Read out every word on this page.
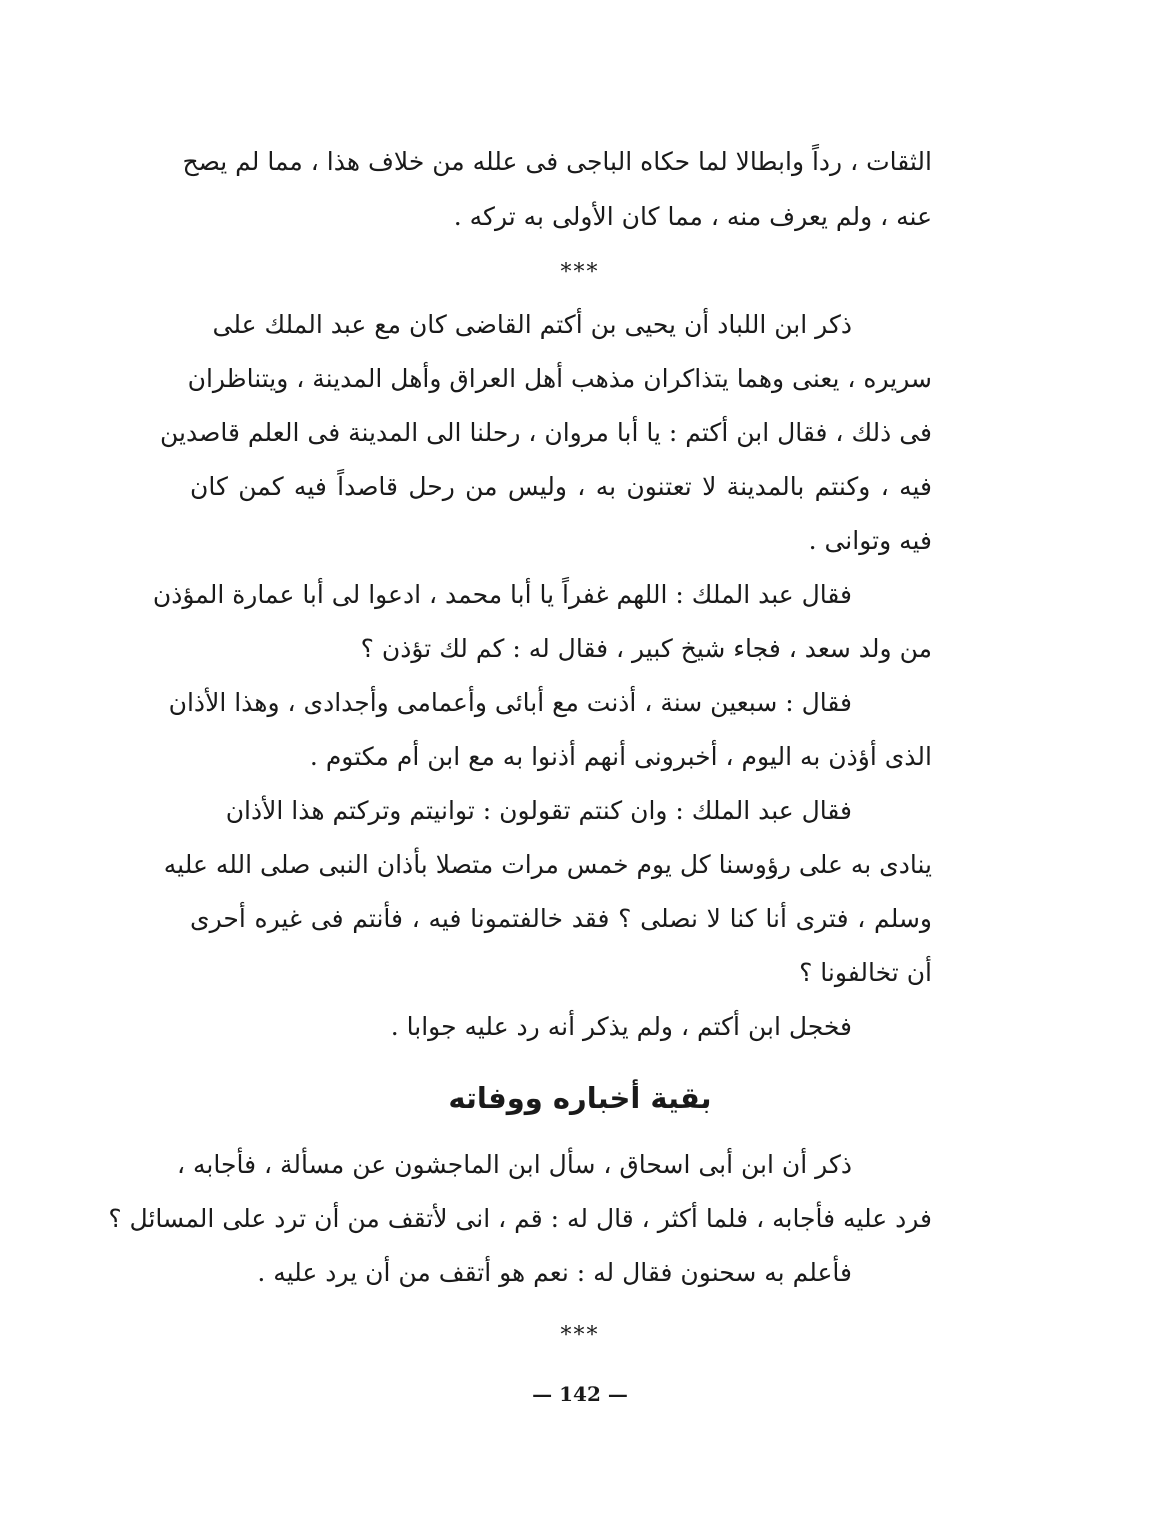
الثقات ، رداً وابطالا لما حكاه الباجى فى علله من خلاف هذا ، مما لم يصح
عنه ، ولم يعرف منه ، مما كان الأولى به تركه .
***
ذكر ابن اللباد أن يحيى بن أكتم القاضى كان مع عبد الملك على
سريره ، يعنى وهما يتذاكران مذهب أهل العراق وأهل المدينة ، ويتناظران
فى ذلك ، فقال ابن أكتم : يا أبا مروان ، رحلنا الى المدينة فى العلم قاصدين
فيه ، وكنتم بالمدينة لا تعتنون به ، وليس من رحل قاصداً فيه كمن كان
فيه وتوانى .
فقال عبد الملك : اللهم غفراً يا أبا محمد ، ادعوا لى أبا عمارة المؤذن
من ولد سعد ، فجاء شيخ كبير ، فقال له : كم لك تؤذن ؟
فقال : سبعين سنة ، أذنت مع أبائى وأعمامى وأجدادى ، وهذا الأذان
الذى أؤذن به اليوم ، أخبرونى أنهم أذنوا به مع ابن أم مكتوم .
فقال عبد الملك : وان كنتم تقولون : توانيتم وتركتم هذا الأذان
ينادى به على رؤوسنا كل يوم خمس مرات متصلا بأذان النبى صلى الله عليه
وسلم ، فترى أنا كنا لا نصلى ؟ فقد خالفتمونا فيه ، فأنتم فى غيره أحرى
أن تخالفونا ؟
فخجل ابن أكتم ، ولم يذكر أنه رد عليه جوابا .
بقية أخباره ووفاته
ذكر أن ابن أبى اسحاق ، سأل ابن الماجشون عن مسألة ، فأجابه ،
فرد عليه فأجابه ، فلما أكثر ، قال له : قم ، انى لأتقف من أن ترد على المسائل ؟
فأعلم به سحنون فقال له : نعم هو أتقف من أن يرد عليه .
***
— 142 —
